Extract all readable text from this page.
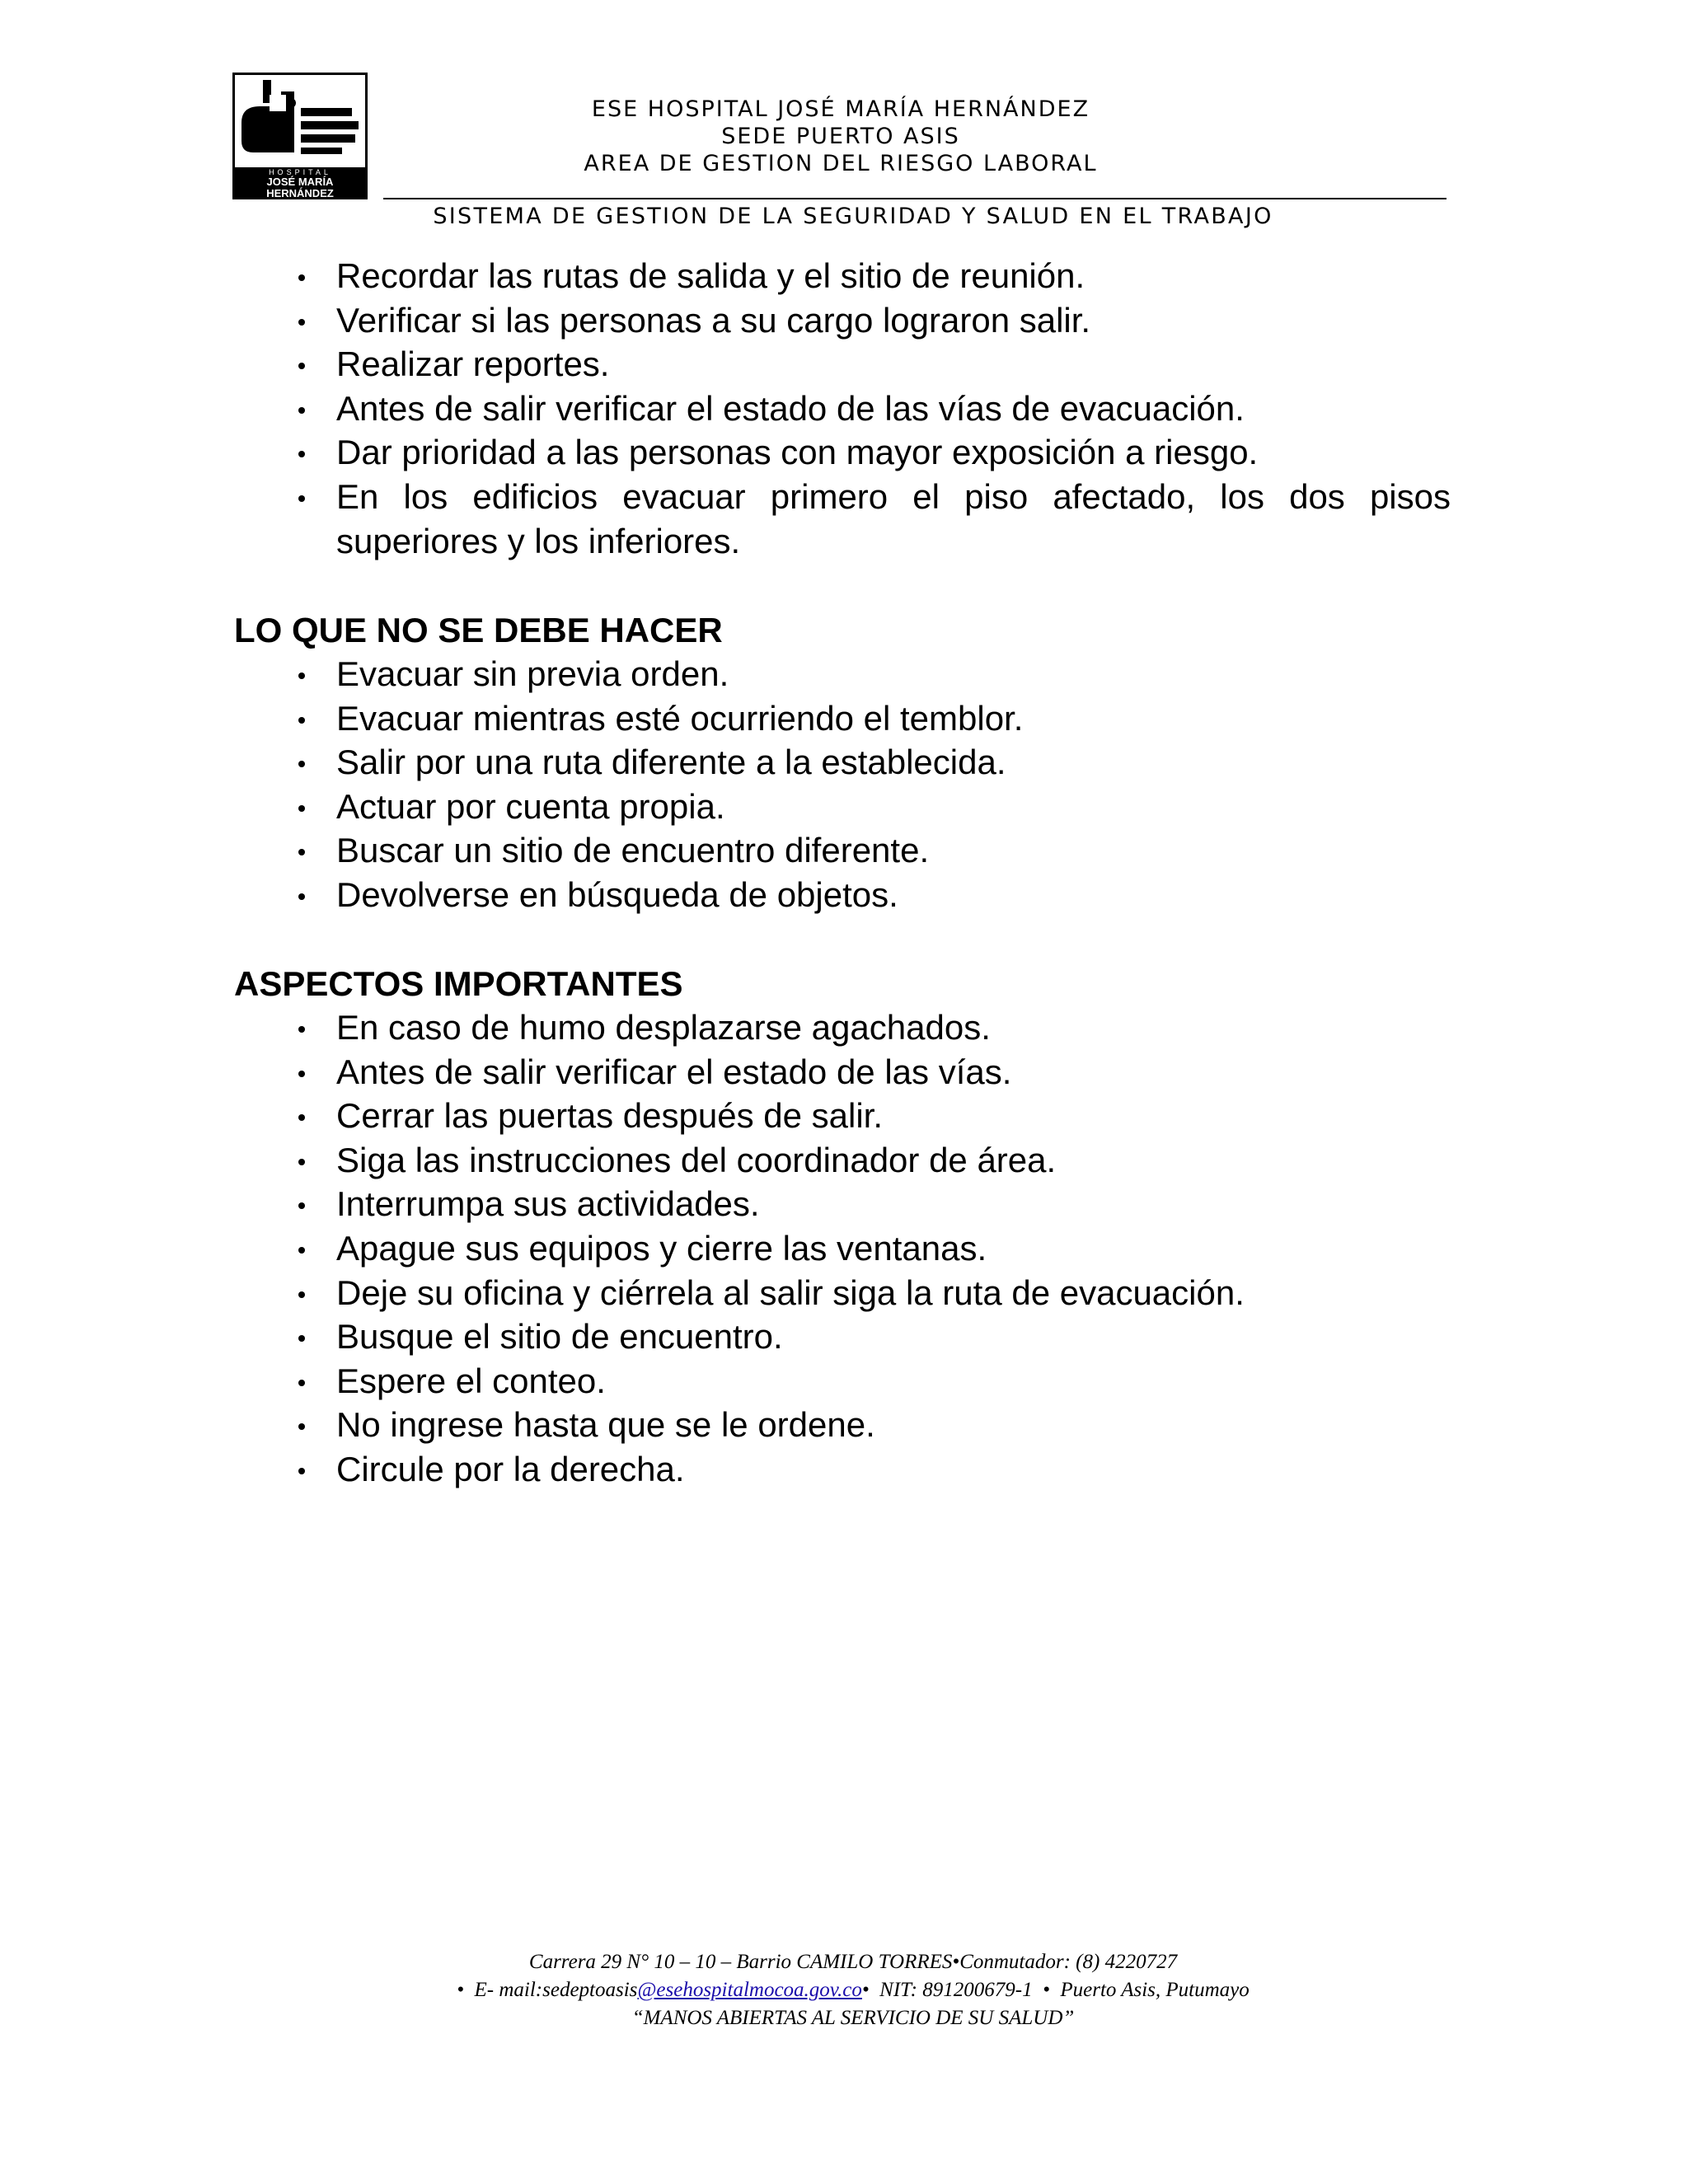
HOSPITAL
JOSÉ MARÍA HERNÁNDEZ
EMPRESA SOCIAL DEL ESTADO
ESE HOSPITAL JOSÉ MARÍA HERNÁNDEZ
SEDE PUERTO ASIS
AREA DE GESTION DEL RIESGO LABORAL
SISTEMA DE GESTION DE LA SEGURIDAD Y SALUD EN EL TRABAJO
Recordar las rutas de salida y el sitio de reunión.
Verificar si las personas a su cargo lograron salir.
Realizar reportes.
Antes de salir verificar el estado de las vías de evacuación.
Dar prioridad a las personas con mayor exposición a riesgo.
En los edificios evacuar primero el piso afectado, los dos pisos superiores y los inferiores.
LO QUE NO SE DEBE HACER
Evacuar sin previa orden.
Evacuar mientras esté ocurriendo el temblor.
Salir por una ruta diferente a la establecida.
Actuar por cuenta propia.
Buscar un sitio de encuentro diferente.
Devolverse en búsqueda de objetos.
ASPECTOS IMPORTANTES
En caso de humo desplazarse agachados.
Antes de salir verificar el estado de las vías.
Cerrar las puertas después de salir.
Siga las instrucciones del coordinador de área.
Interrumpa sus actividades.
Apague sus equipos y cierre las ventanas.
Deje su oficina y ciérrela al salir siga la ruta de evacuación.
Busque el sitio de encuentro.
Espere el conteo.
No ingrese hasta que se le ordene.
Circule por la derecha.
Carrera 29 N° 10 – 10 – Barrio CAMILO TORRES•Conmutador: (8) 4220727
•  E- mail:sedeptoasis@esehospitalmocoa.gov.co•  NIT: 891200679-1  •  Puerto Asis, Putumayo
“MANOS ABIERTAS AL SERVICIO DE SU SALUD”
